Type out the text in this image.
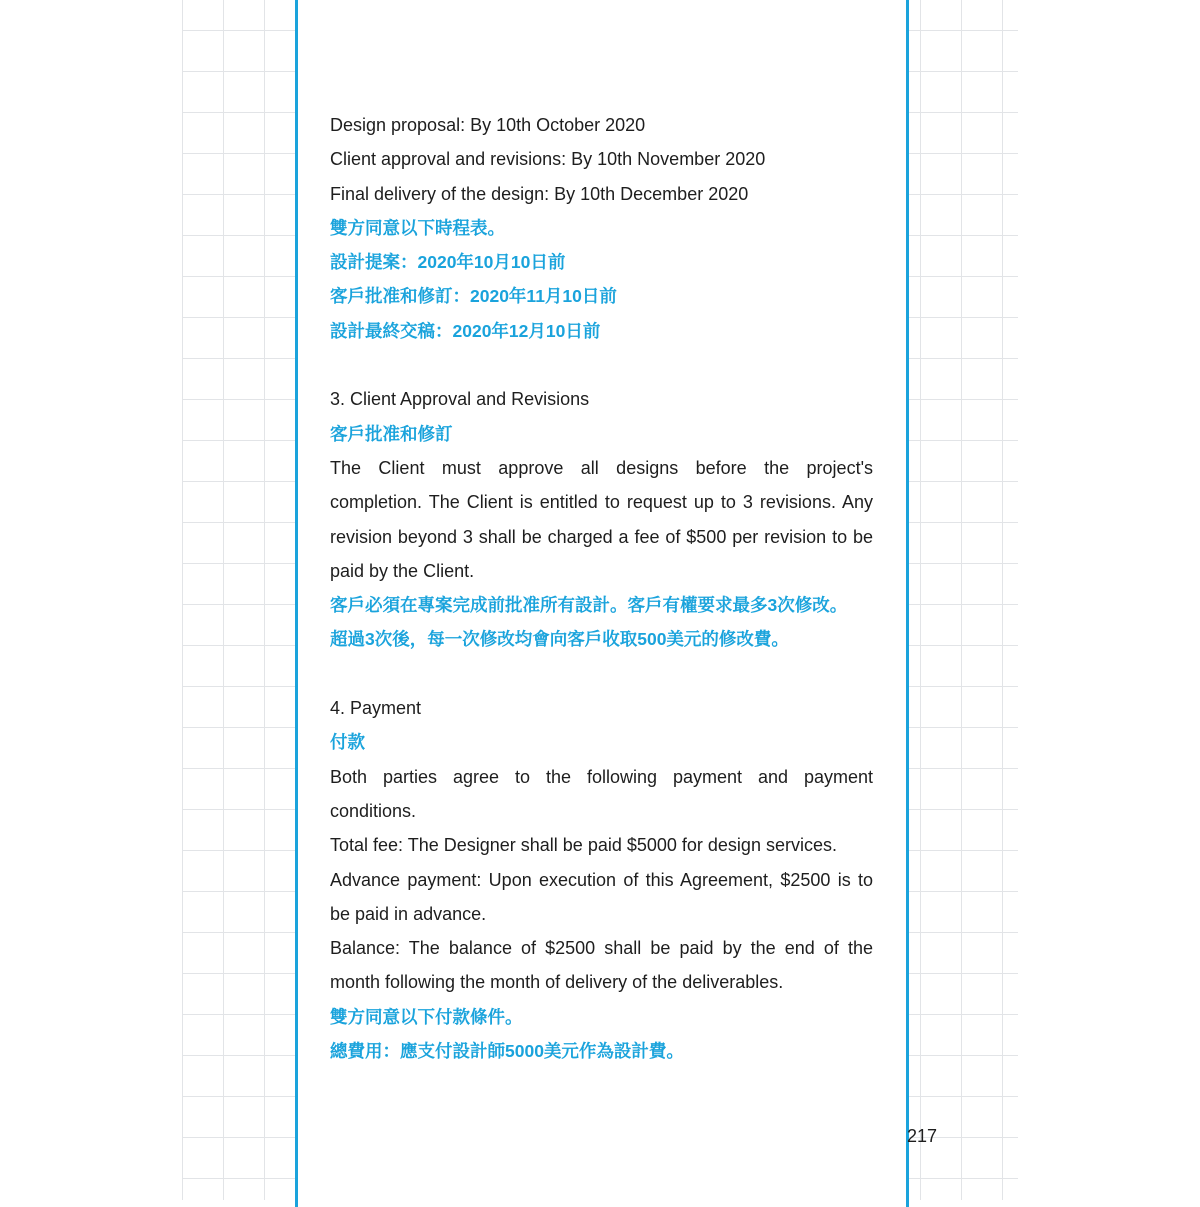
Design proposal: By 10th October 2020
Client approval and revisions: By 10th November 2020
Final delivery of the design: By 10th December 2020
雙方同意以下時程表。
設計提案：2020年10月10日前
客戶批准和修訂：2020年11月10日前
設計最終交稿：2020年12月10日前
3. Client Approval and Revisions
客戶批准和修訂
The Client must approve all designs before the project's
completion. The Client is entitled to request up to 3 revisions. Any
revision beyond 3 shall be charged a fee of $500 per revision to be
paid by the Client.
客戶必須在專案完成前批准所有設計。客戶有權要求最多3次修改。
超過3次後，每一次修改均會向客戶收取500美元的修改費。
4. Payment
付款
Both parties agree to the following payment and payment
conditions.
Total fee: The Designer shall be paid $5000 for design services.
Advance payment: Upon execution of this Agreement, $2500 is to
be paid in advance.
Balance: The balance of $2500 shall be paid by the end of the
month following the month of delivery of the deliverables.
雙方同意以下付款條件。
總費用：應支付設計師5000美元作為設計費。
217
